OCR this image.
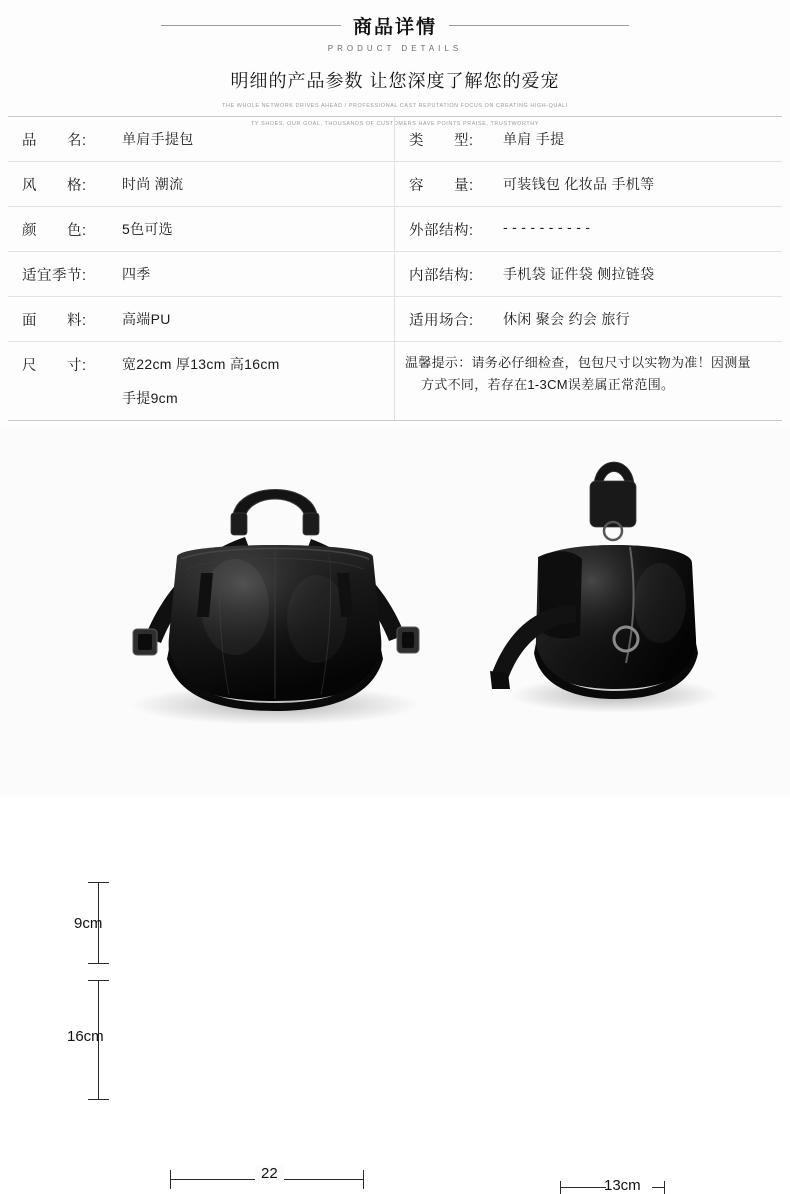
商品详情
PRODUCT DETAILS
明细的产品参数 让您深度了解您的爱宠
THE WHOLE NETWORK DRIVES AHEAD / PROFESSIONAL CAST REPUTATION FOCUS ON CREATING HIGH-QUALI
TY SHOES, OUR GOAL, THOUSANDS OF CUSTOMERS HAVE POINTS PRAISE, TRUSTWORTHY
品　　名:	单肩手提包	类　　型:	单肩 手提
风　　格:	时尚 潮流	容　　量:	可装钱包 化妆品 手机等
颜　　色:	5色可选	外部结构:	- - - - - - - - - -
适宜季节:	四季	内部结构:	手机袋 证件袋 侧拉链袋
面　　料:	高端PU	适用场合:	休闲 聚会 约会 旅行
尺　　寸:	宽22cm 厚13cm 高16cm
手提9cm
温馨提示：请务必仔细检查，包包尺寸以实物为准！因测量
方式不同，若存在1-3CM误差属正常范围。
9cm
16cm
22
13cm
